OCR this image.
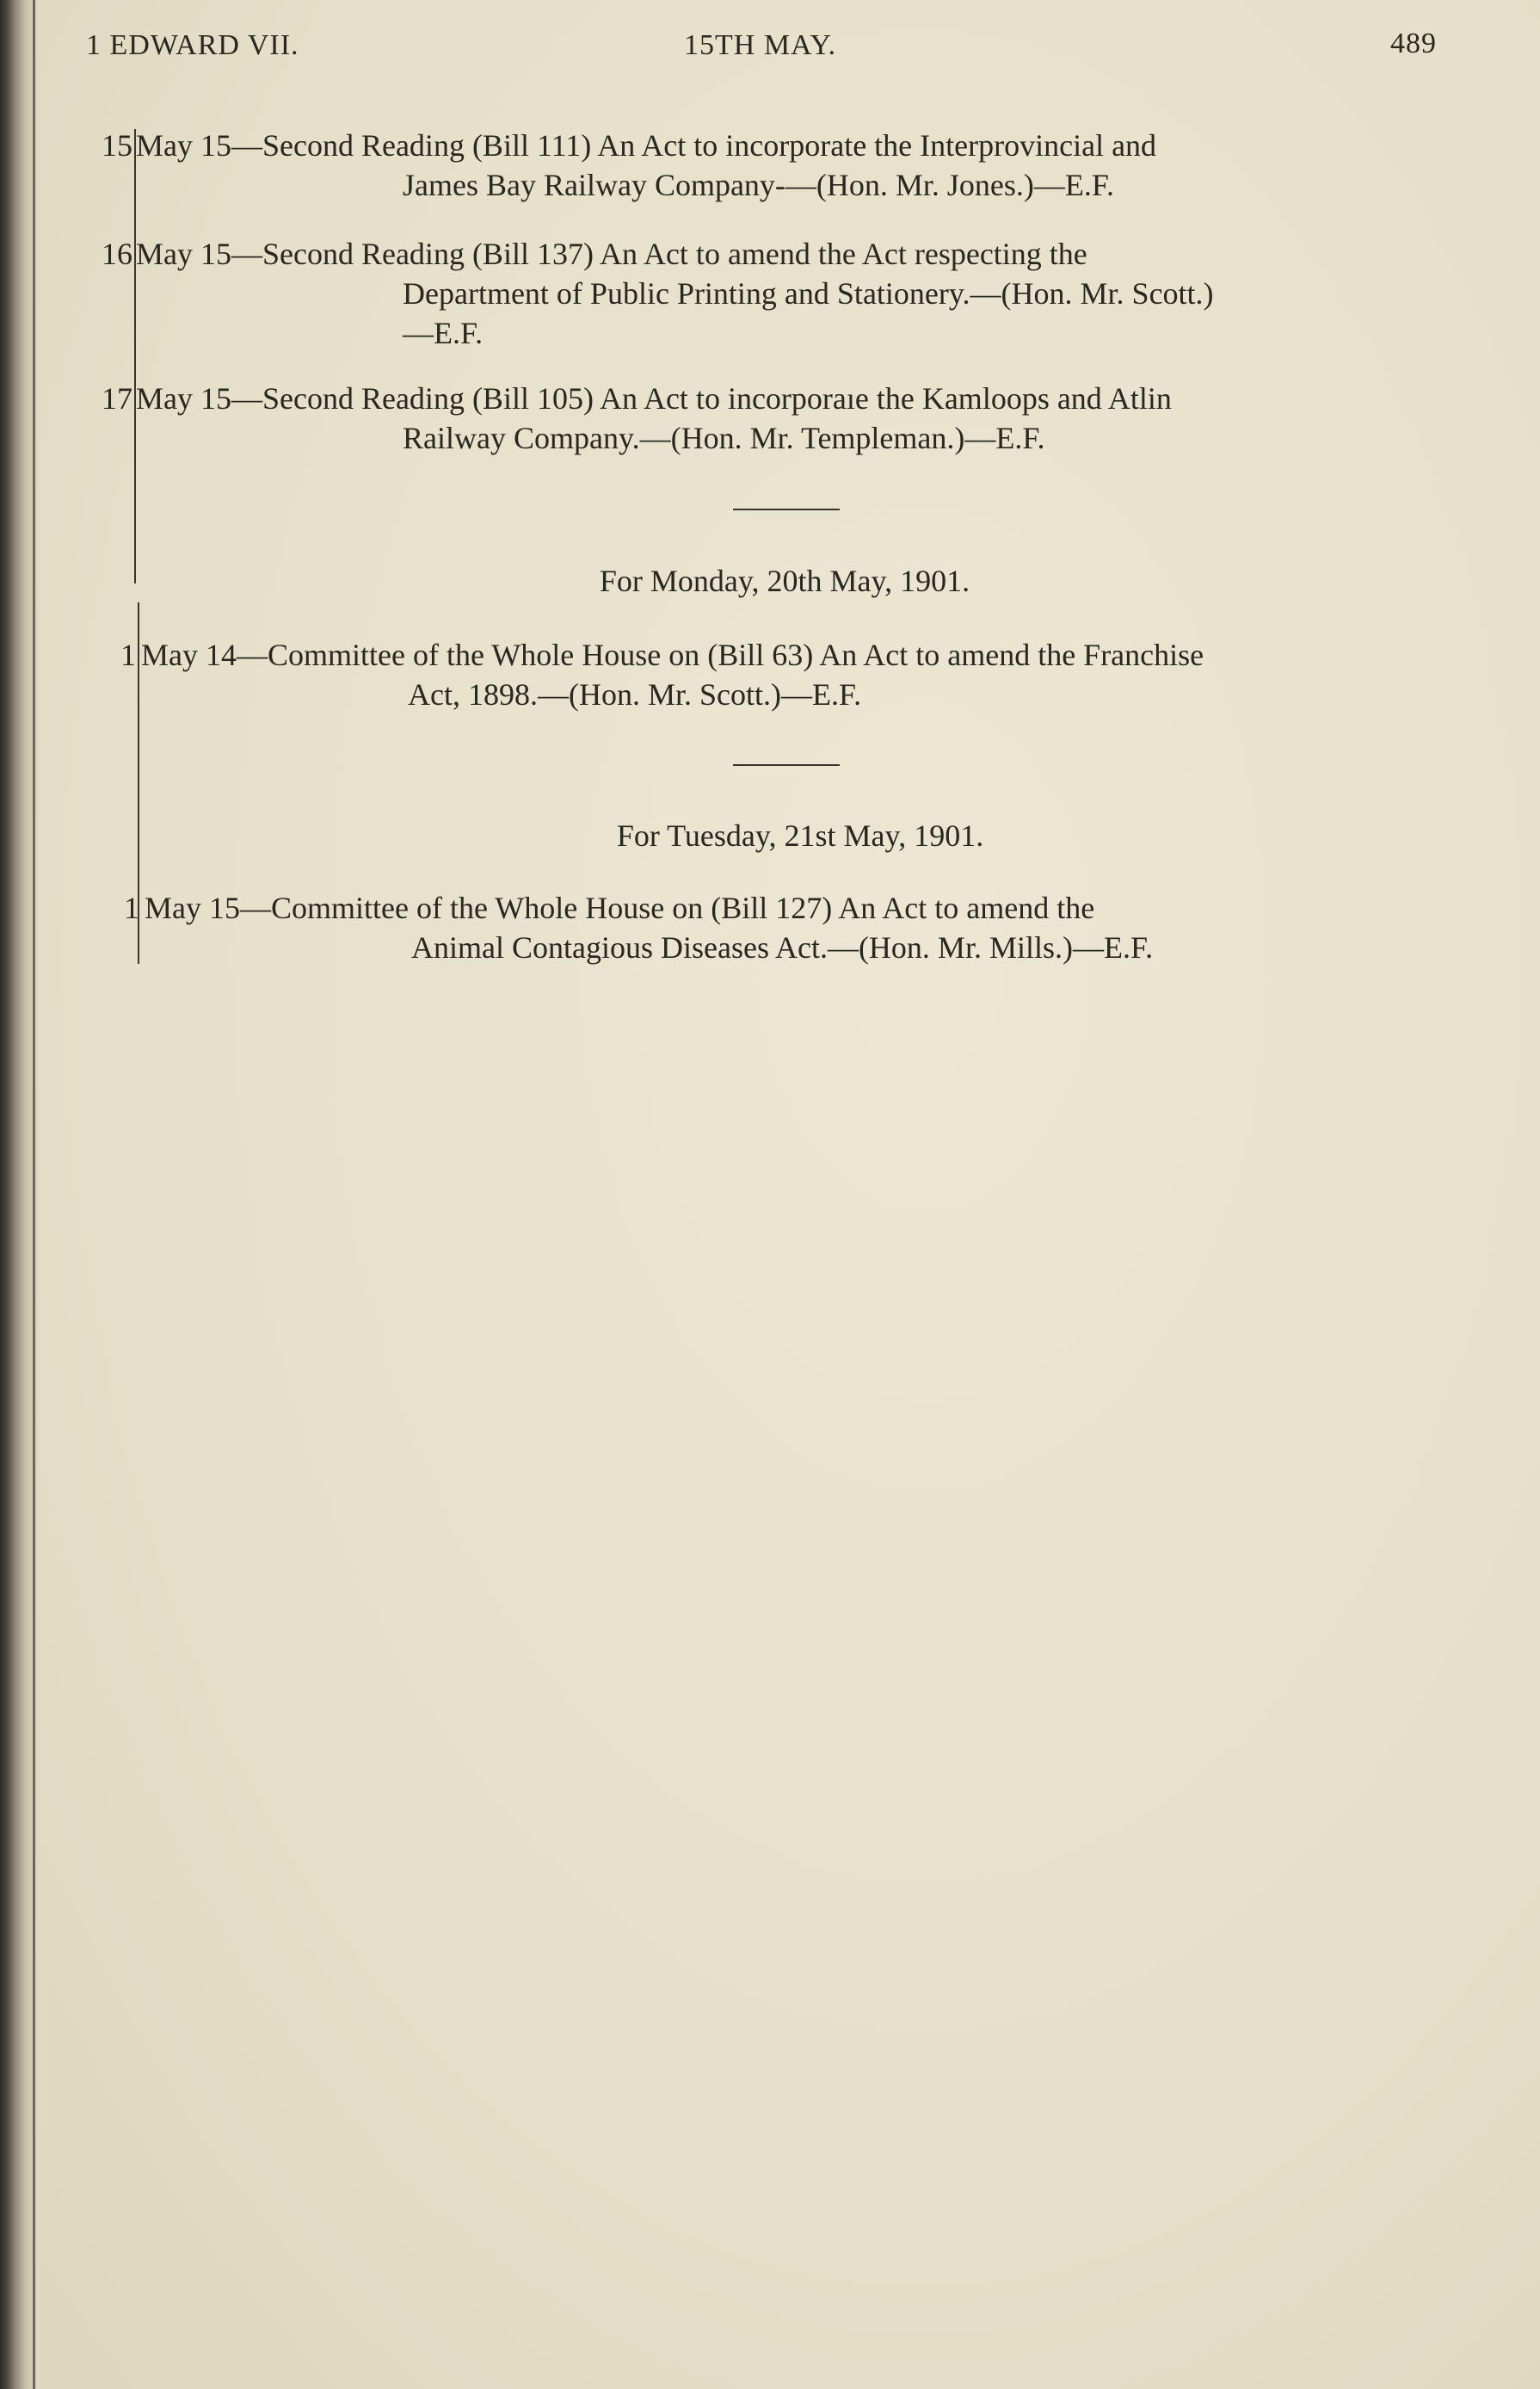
1 EDWARD VII.	15TH MAY.	489
15 May 15—Second Reading (Bill 111) An Act to incorporate the Interprovincial and
James Bay Railway Company-—(Hon. Mr. Jones.)—E.F.
16 May 15—Second Reading (Bill 137) An Act to amend the Act respecting the
Department of Public Printing and Stationery.—(Hon. Mr. Scott.)
—E.F.
17 May 15—Second Reading (Bill 105) An Act to incorporaıe the Kamloops and Atlin
Railway Company.—(Hon. Mr. Templeman.)—E.F.
For Monday, 20th May, 1901.
1 May 14—Committee of the Whole House on (Bill 63) An Act to amend the Franchise
Act, 1898.—(Hon. Mr. Scott.)—E.F.
For Tuesday, 21st May, 1901.
1 May 15—Committee of the Whole House on (Bill 127) An Act to amend the
Animal Contagious Diseases Act.—(Hon. Mr. Mills.)—E.F.
